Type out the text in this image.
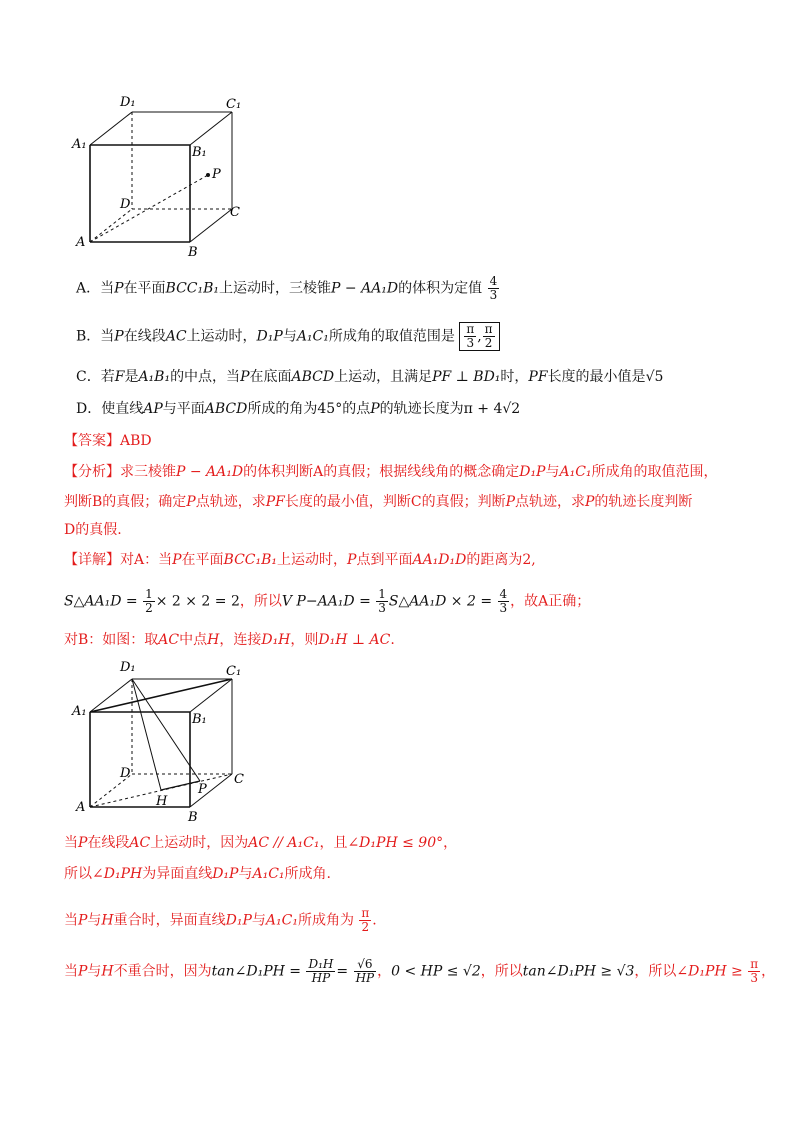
D₁	C₁
A₁
B₁
P
D
C
A
B
A．当P在平面BCC₁B₁上运动时，三棱锥P − AA₁D的体积为定值 $\frac{4}{3}$
B．当P在线段AC上运动时，D₁P与A₁C₁所成角的取值范围是 $\frac{\pi}{3}$ , $\frac{\pi}{2}$
C．若F是A₁B₁的中点，当P在底面ABCD上运动，且满足PF ⊥ BD₁时，PF长度的最小值是√5
D．使直线AP与平面ABCD所成的角为45°的点P的轨迹长度为π + 4√2
【答案】ABD
【分析】求三棱锥P − AA₁D的体积判断A的真假；根据线线角的概念确定D₁P与A₁C₁所成角的取值范围，
判断B的真假；确定P点轨迹，求PF长度的最小值，判断C的真假；判断P点轨迹，求P的轨迹长度判断
D的真假.
【详解】对A：当P在平面BCC₁B₁上运动时，P点到平面AA₁D₁D的距离为2,
S△AA₁D = $\frac{1}{2} \times 2 \times 2 = 2$，所以V $P-AA_1D = \frac{1}{3}$ S△AA₁D × $2 = \frac{4}{3}$ ，故A正确；
对B：如图：取AC中点H，连接D₁H，则D₁H ⊥ AC.
D₁	C₁
A₁
B₁
D	C
P
H
A
B
当P在线段AC上运动时，因为AC // A₁C₁，且∠D₁PH ≤ 90°，
所以∠D₁PH为异面直线D₁P与A₁C₁所成角.
当P与H重合时，异面直线D₁P与A₁C₁所成角为 $\frac{\pi}{2}$ .
当P与H不重合时，因为tan∠D₁PH = $\frac{\text{D₁H}}{HP} = \frac{√6}{HP}$ ，0 < HP ≤ √2，所以tan∠D₁PH ≥ √3，所以∠D₁PH ≥ $\frac{\pi}{3}$ ，
